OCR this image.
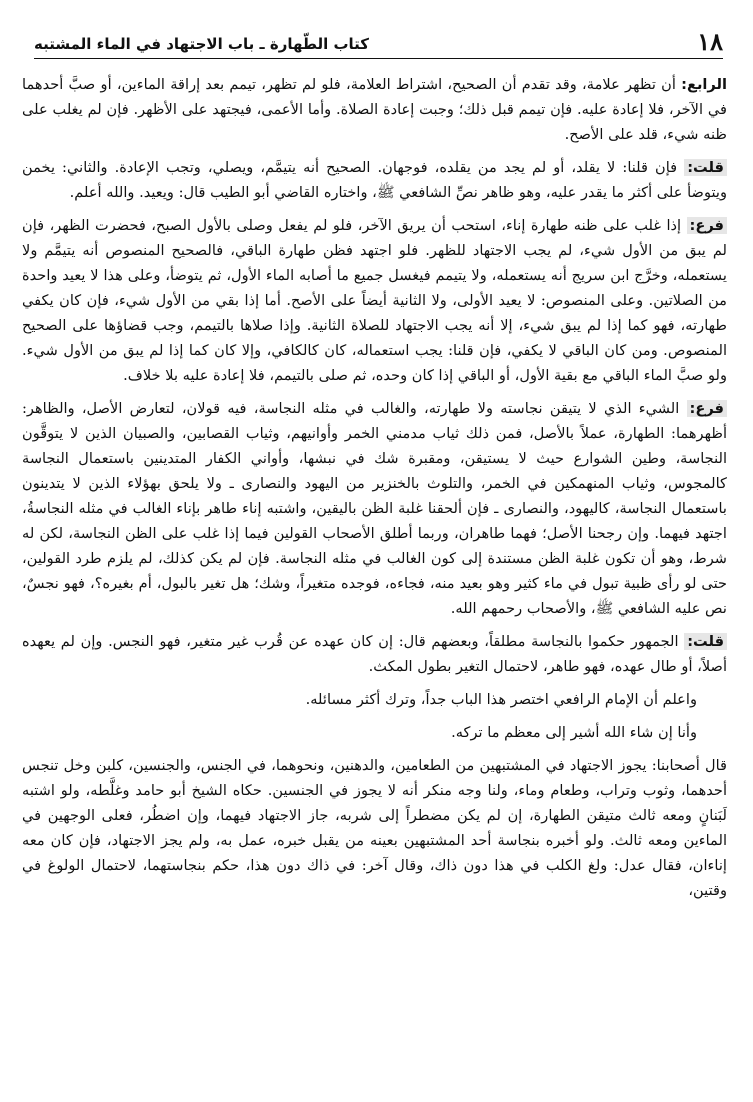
١٨
كتاب الطّهارة ـ باب الاجتهاد في الماء المشتبه

الرابع: أن تظهر علامة، وقد تقدم أن الصحيح، اشتراط العلامة، فلو لم تظهر، تيمم بعد إراقة الماءين، أو صبَّ أحدهما في الآخر، فلا إعادة عليه. فإن تيمم قبل ذلك؛ وجبت إعادة الصلاة. وأما الأعمى، فيجتهد على الأظهر. فإن لم يغلب على ظنه شيء، قلد على الأصح.

قلت: فإن قلنا: لا يقلد، أو لم يجد من يقلده، فوجهان. الصحيح أنه يتيمَّم، ويصلي، وتجب الإعادة. والثاني: يخمن ويتوضأ على أكثر ما يقدر عليه، وهو ظاهر نصِّ الشافعي ﷺ، واختاره القاضي أبو الطيب قال: ويعيد. والله أعلم.

فرع: إذا غلب على ظنه طهارة إناء، استحب أن يريق الآخر، فلو لم يفعل وصلى بالأول الصبح، فحضرت الظهر، فإن لم يبق من الأول شيء، لم يجب الاجتهاد للظهر. فلو اجتهد فظن طهارة الباقي، فالصحيح المنصوص أنه يتيمَّم ولا يستعمله، وخرَّج ابن سريج أنه يستعمله، ولا يتيمم فيغسل جميع ما أصابه الماء الأول، ثم يتوضأ، وعلى هذا لا يعيد واحدة من الصلاتين. وعلى المنصوص: لا يعيد الأولى، ولا الثانية أيضاً على الأصح. أما إذا بقي من الأول شيء، فإن كان يكفي طهارته، فهو كما إذا لم يبق شيء، إلا أنه يجب الاجتهاد للصلاة الثانية. وإذا صلاها بالتيمم، وجب قضاؤها على الصحيح المنصوص. ومن كان الباقي لا يكفي، فإن قلنا: يجب استعماله، كان كالكافي، وإلا كان كما إذا لم يبق من الأول شيء. ولو صبَّ الماء الباقي مع بقية الأول، أو الباقي إذا كان وحده، ثم صلى بالتيمم، فلا إعادة عليه بلا خلاف.

فرع: الشيء الذي لا يتيقن نجاسته ولا طهارته، والغالب في مثله النجاسة، فيه قولان، لتعارض الأصل، والظاهر: أظهرهما: الطهارة، عملاً بالأصل، فمن ذلك ثياب مدمني الخمر وأوانيهم، وثياب القصابين، والصبيان الذين لا يتوقَّون النجاسة، وطين الشوارع حيث لا يستيقن، ومقبرة شك في نبشها، وأواني الكفار المتدينين باستعمال النجاسة كالمجوس، وثياب المنهمكين في الخمر، والتلوث بالخنزير من اليهود والنصارى ـ ولا يلحق بهؤلاء الذين لا يتدينون باستعمال النجاسة، كاليهود، والنصارى ـ فإن ألحقنا غلبة الظن باليقين، واشتبه إناء طاهر بإناء الغالب في مثله النجاسةُ، اجتهد فيهما. وإن رجحنا الأصل؛ فهما طاهران، وربما أطلق الأصحاب القولين فيما إذا غلب على الظن النجاسة، لكن له شرط، وهو أن تكون غلبة الظن مستندة إلى كون الغالب في مثله النجاسة. فإن لم يكن كذلك، لم يلزم طرد القولين، حتى لو رأى ظبية تبول في ماء كثير وهو بعيد منه، فجاءه، فوجده متغيراً، وشك؛ هل تغير بالبول، أم بغيره؟، فهو نجسٌ، نص عليه الشافعي ﷺ، والأصحاب رحمهم الله.

قلت: الجمهور حكموا بالنجاسة مطلقاً، وبعضهم قال: إن كان عهده عن قُرب غير متغير، فهو النجس. وإن لم يعهده أصلاً، أو طال عهده، فهو طاهر، لاحتمال التغير بطول المكث.

واعلم أن الإمام الرافعي اختصر هذا الباب جداً، وترك أكثر مسائله.

وأنا إن شاء الله أشير إلى معظم ما تركه.

قال أصحابنا: يجوز الاجتهاد في المشتبهين من الطعامين، والدهنين، ونحوهما، في الجنس، والجنسين، كلبن وخل تنجس أحدهما، وثوب وتراب، وطعام وماء، ولنا وجه منكر أنه لا يجوز في الجنسين. حكاه الشيخ أبو حامد وغلَّطه، ولو اشتبه لَبَنانٍ ومعه ثالث متيقن الطهارة، إن لم يكن مضطراً إلى شربه، جاز الاجتهاد فيهما، وإن اضطُر، فعلى الوجهين في الماءين ومعه ثالث. ولو أخبره بنجاسة أحد المشتبهين بعينه من يقبل خبره، عمل به، ولم يجز الاجتهاد، فإن كان معه إناءان، فقال عدل: ولغ الكلب في هذا دون ذاك، وقال آخر: في ذاك دون هذا، حكم بنجاستهما، لاحتمال الولوغ في وقتين،
